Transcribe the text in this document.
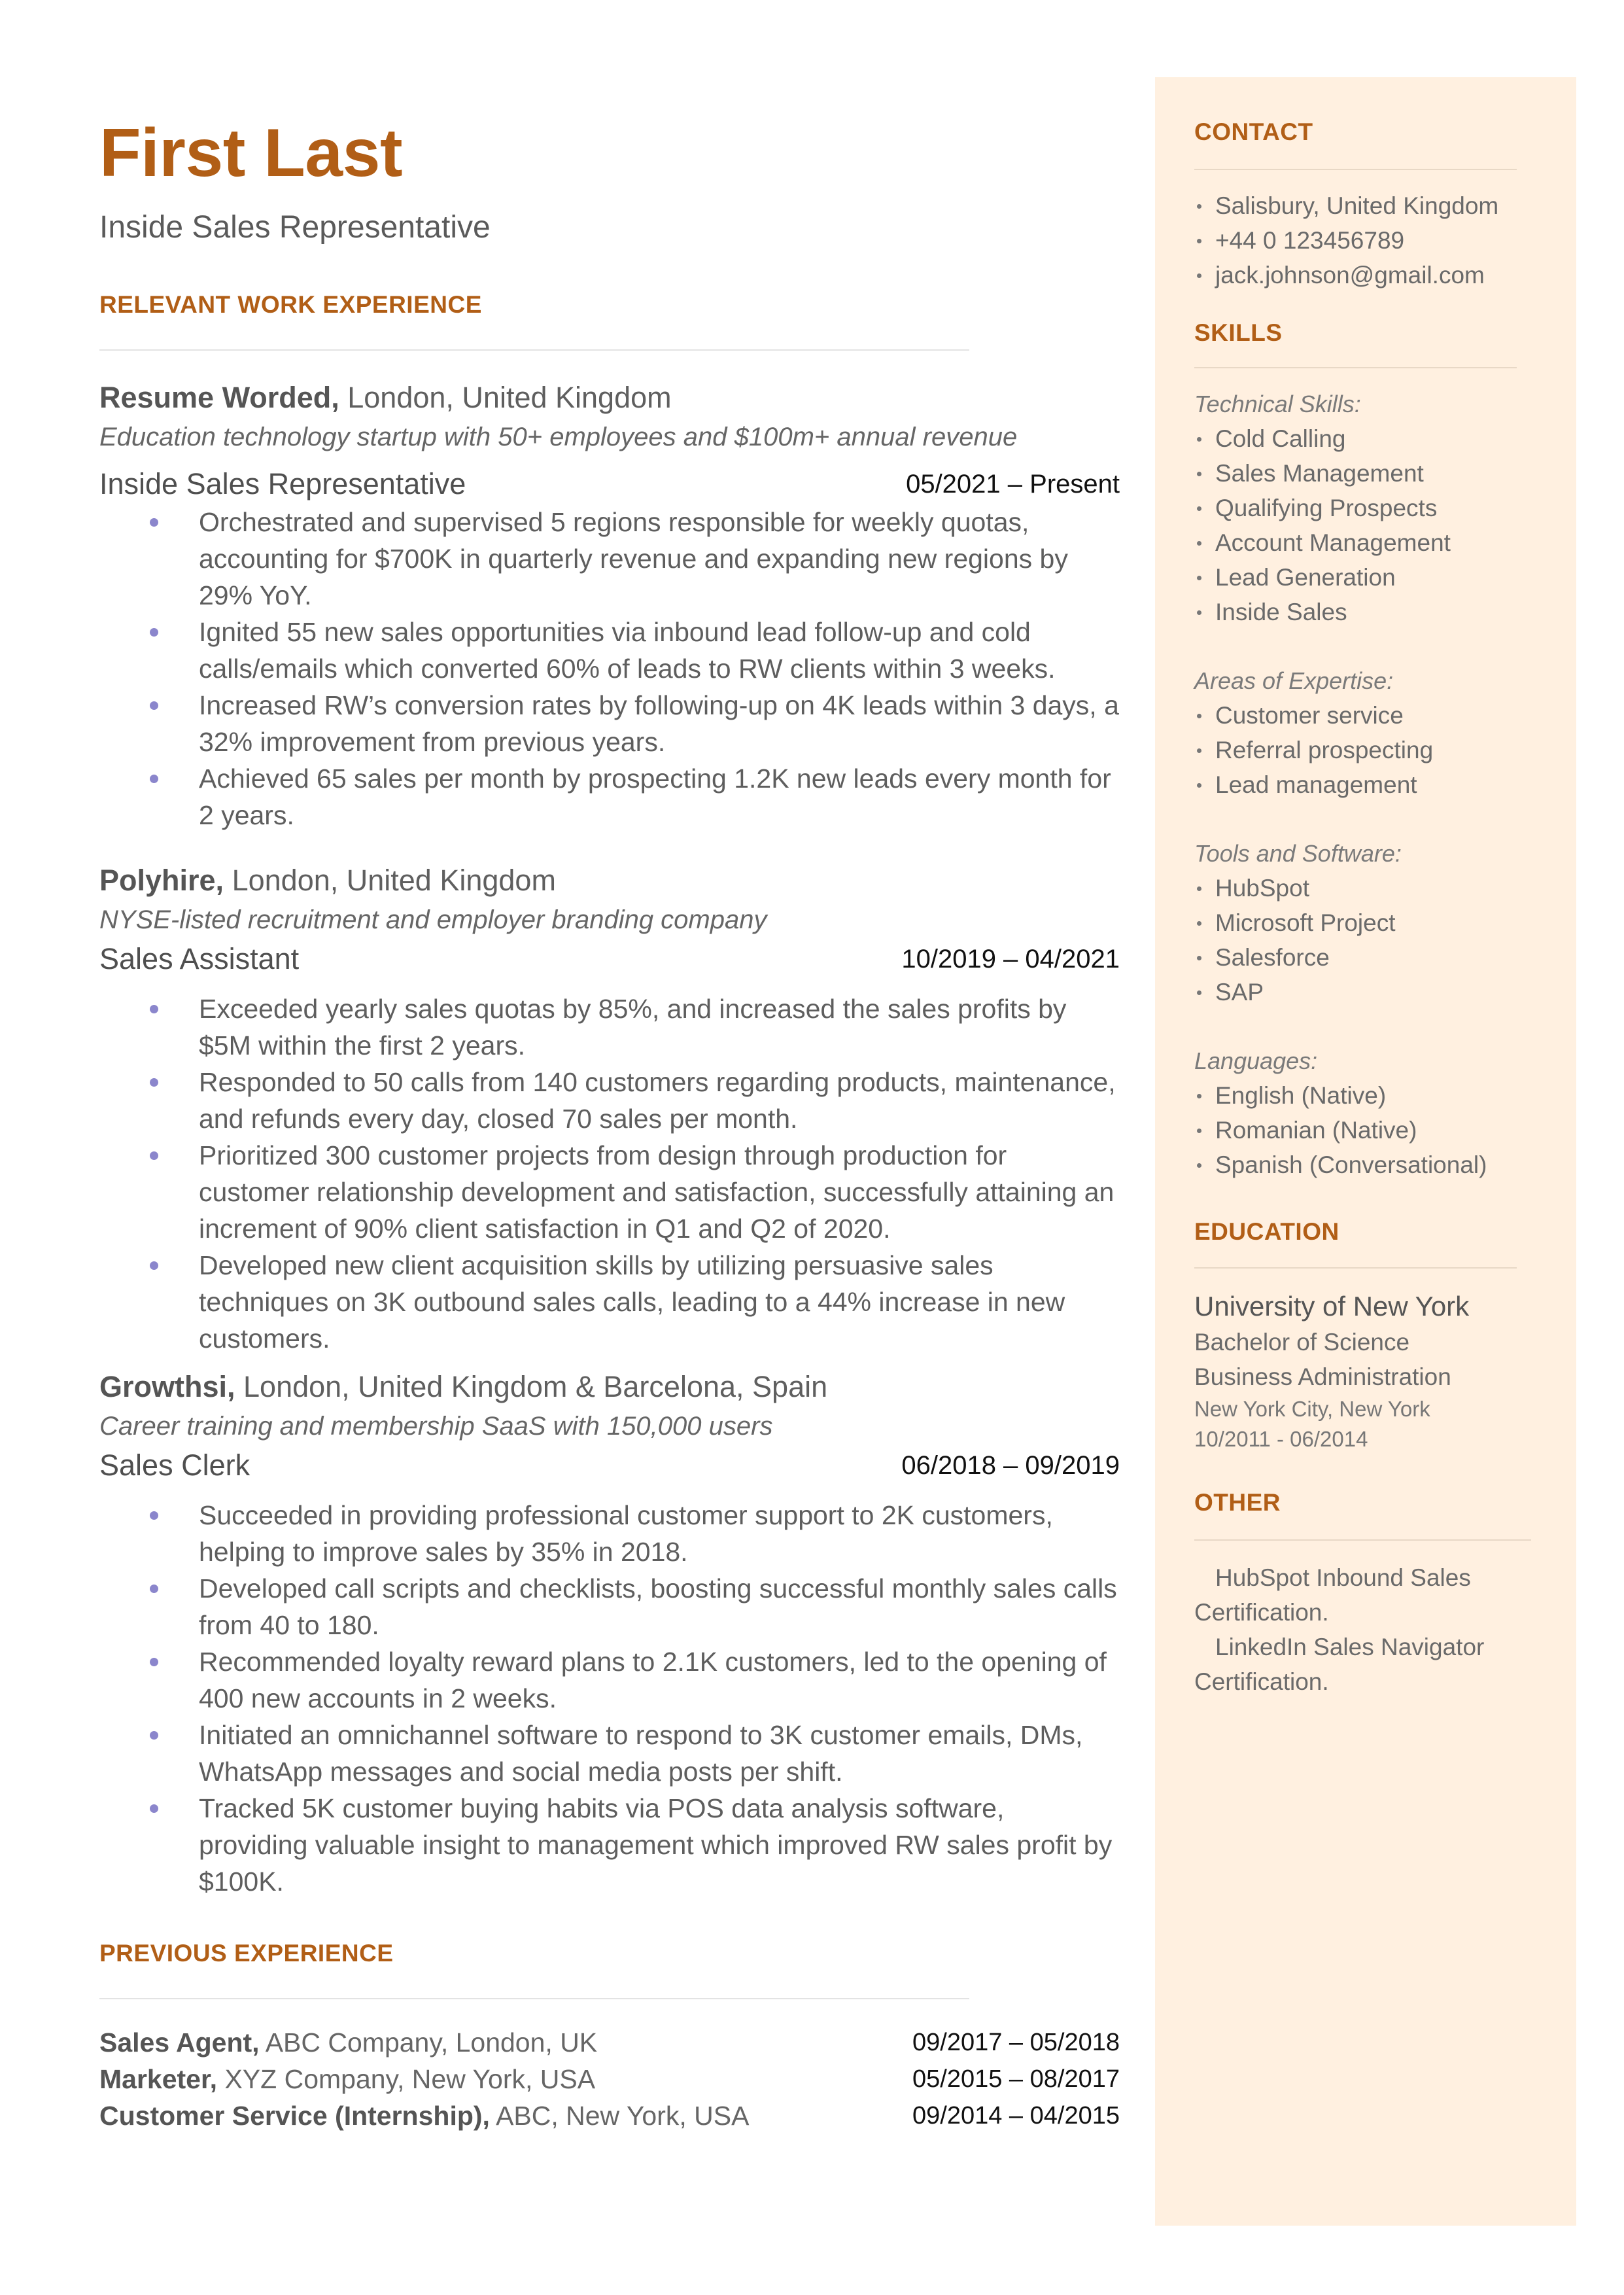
First Last
Inside Sales Representative
RELEVANT WORK EXPERIENCE
Resume Worded, London, United Kingdom
Education technology startup with 50+ employees and $100m+ annual revenue
Inside Sales Representative	05/2021 – Present
Orchestrated and supervised 5 regions responsible for weekly quotas, accounting for $700K in quarterly revenue and expanding new regions by 29% YoY.
Ignited 55 new sales opportunities via inbound lead follow-up and cold calls/emails which converted 60% of leads to RW clients within 3 weeks.
Increased RW’s conversion rates by following-up on 4K leads within 3 days, a 32% improvement from previous years.
Achieved 65 sales per month by prospecting 1.2K new leads every month for 2 years.
Polyhire, London, United Kingdom
NYSE-listed recruitment and employer branding company
Sales Assistant	10/2019 – 04/2021
Exceeded yearly sales quotas by 85%, and increased the sales profits by $5M within the first 2 years.
Responded to 50 calls from 140 customers regarding products, maintenance, and refunds every day, closed 70 sales per month.
Prioritized 300 customer projects from design through production for customer relationship development and satisfaction, successfully attaining an increment of 90% client satisfaction in Q1 and Q2 of 2020.
Developed new client acquisition skills by utilizing persuasive sales techniques on 3K outbound sales calls, leading to a 44% increase in new customers.
Growthsi, London, United Kingdom & Barcelona, Spain
Career training and membership SaaS with 150,000 users
Sales Clerk	06/2018 – 09/2019
Succeeded in providing professional customer support to 2K customers, helping to improve sales by 35% in 2018.
Developed call scripts and checklists, boosting successful monthly sales calls from 40 to 180.
Recommended loyalty reward plans to 2.1K customers, led to the opening of 400 new accounts in 2 weeks.
Initiated an omnichannel software to respond to 3K customer emails, DMs, WhatsApp messages and social media posts per shift.
Tracked 5K customer buying habits via POS data analysis software, providing valuable insight to management which improved RW sales profit by $100K.
PREVIOUS EXPERIENCE
Sales Agent, ABC Company, London, UK	09/2017 – 05/2018
Marketer, XYZ Company, New York, USA	05/2015 – 08/2017
Customer Service (Internship), ABC, New York, USA	09/2014 – 04/2015
CONTACT
Salisbury, United Kingdom
+44 0 123456789
jack.johnson@gmail.com
SKILLS
Technical Skills:
Cold Calling
Sales Management
Qualifying Prospects
Account Management
Lead Generation
Inside Sales
Areas of Expertise:
Customer service
Referral prospecting
Lead management
Tools and Software:
HubSpot
Microsoft Project
Salesforce
SAP
Languages:
English (Native)
Romanian (Native)
Spanish (Conversational)
EDUCATION
University of New York
Bachelor of Science
Business Administration
New York City, New York
10/2011 - 06/2014
OTHER
HubSpot Inbound Sales Certification.
LinkedIn Sales Navigator Certification.
